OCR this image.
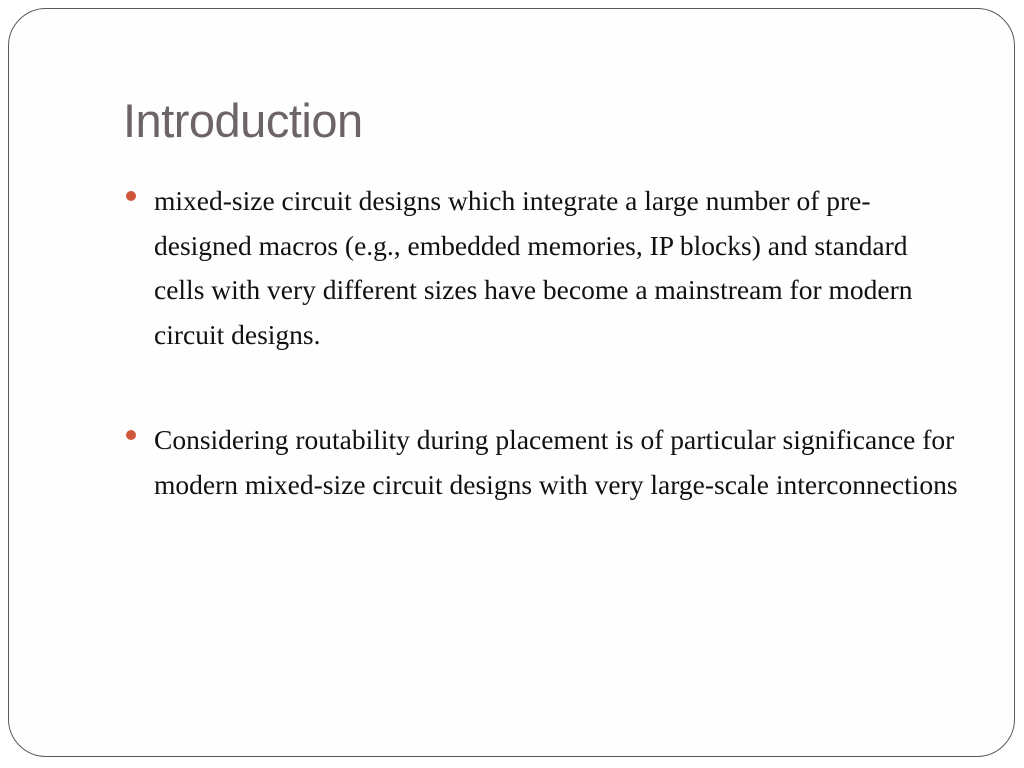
Introduction
mixed-size circuit designs which integrate a large number of pre-designed macros (e.g., embedded memories, IP blocks) and standard cells with very different sizes have become a mainstream for modern circuit designs.
Considering routability during placement is of particular significance for modern mixed-size circuit designs with very large-scale interconnections
